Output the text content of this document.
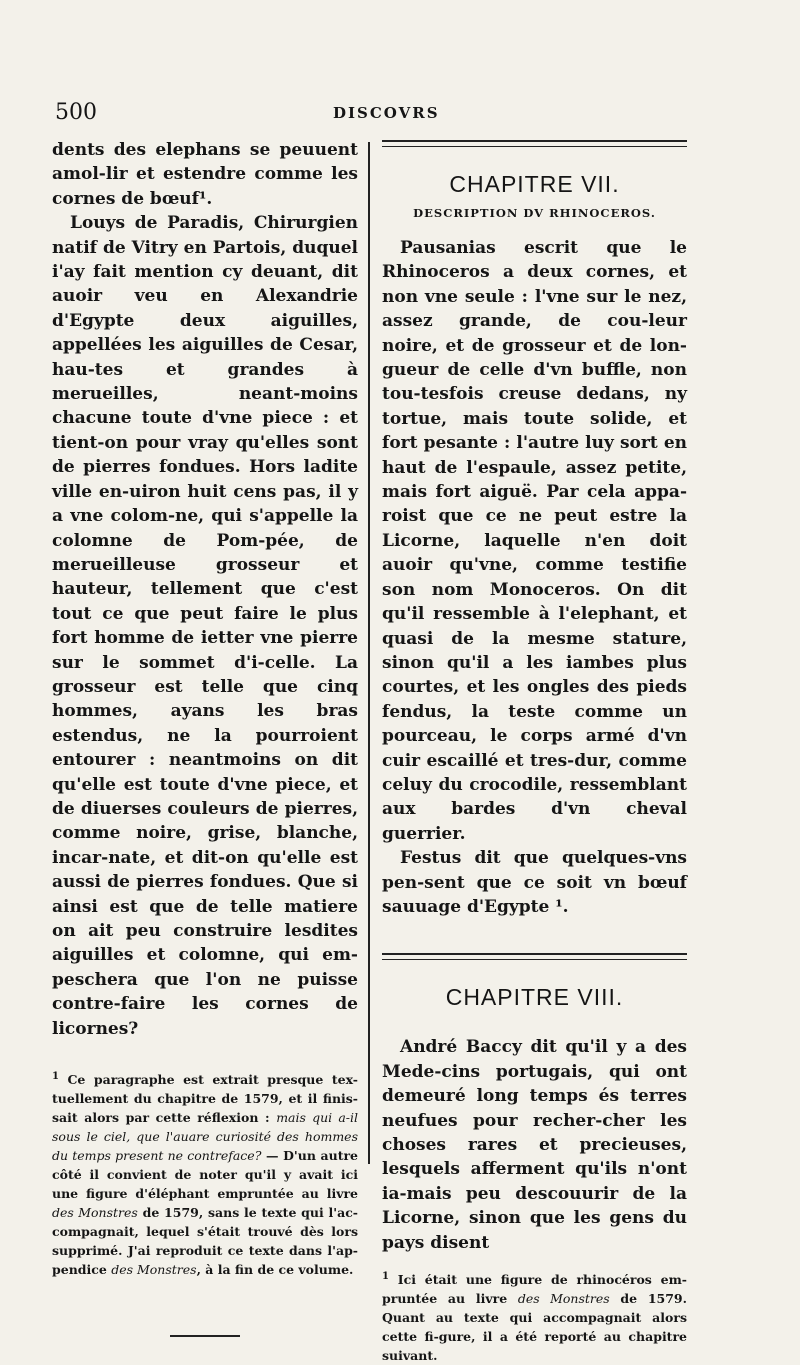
500	DISCOVRS

dents des elephans se peuuent amol-lir et estendre comme les cornes de bœuf¹.

Louys de Paradis, Chirurgien natif de Vitry en Partois, duquel i'ay fait mention cy deuant, dit auoir veu en Alexandrie d'Egypte deux aiguilles, appellées les aiguilles de Cesar, hau-tes et grandes à merueilles, neant-moins chacune toute d'vne piece : et tient-on pour vray qu'elles sont de pierres fondues. Hors ladite ville en-uiron huit cens pas, il y a vne colom-ne, qui s'appelle la colomne de Pom-pée, de merueilleuse grosseur et hauteur, tellement que c'est tout ce que peut faire le plus fort homme de ietter vne pierre sur le sommet d'i-celle. La grosseur est telle que cinq hommes, ayans les bras estendus, ne la pourroient entourer : neantmoins on dit qu'elle est toute d'vne piece, et de diuerses couleurs de pierres, comme noire, grise, blanche, incar-nate, et dit-on qu'elle est aussi de pierres fondues. Que si ainsi est que de telle matiere on ait peu construire lesdites aiguilles et colomne, qui em-peschera que l'on ne puisse contre-faire les cornes de licornes?

$^1$ Ce paragraphe est extrait presque tex-tuellement du chapitre de 1579, et il finis-sait alors par cette réflexion : mais qui a-il sous le ciel, que l'auare curiosité des hommes du temps present ne contreface? — D'un autre côté il convient de noter qu'il y avait ici une figure d'éléphant empruntée au livre des Monstres de 1579, sans le texte qui l'ac-compagnait, lequel s'était trouvé dès lors supprimé. J'ai reproduit ce texte dans l'ap-pendice des Monstres, à la fin de ce volume.

CHAPITRE VII.
DESCRIPTION DV RHINOCEROS.

Pausanias escrit que le Rhinoceros a deux cornes, et non vne seule : l'vne sur le nez, assez grande, de cou-leur noire, et de grosseur et de lon-gueur de celle d'vn buffle, non tou-tesfois creuse dedans, ny tortue, mais toute solide, et fort pesante : l'autre luy sort en haut de l'espaule, assez petite, mais fort aiguë. Par cela appa-roist que ce ne peut estre la Licorne, laquelle n'en doit auoir qu'vne, comme testifie son nom Monoceros. On dit qu'il ressemble à l'elephant, et quasi de la mesme stature, sinon qu'il a les iambes plus courtes, et les ongles des pieds fendus, la teste comme un pourceau, le corps armé d'vn cuir escaillé et tres-dur, comme celuy du crocodile, ressemblant aux bardes d'vn cheval guerrier.

Festus dit que quelques-vns pen-sent que ce soit vn bœuf sauuage d'Egypte ¹.

CHAPITRE VIII.

André Baccy dit qu'il y a des Mede-cins portugais, qui ont demeuré long temps és terres neufues pour recher-cher les choses rares et precieuses, lesquels afferment qu'ils n'ont ia-mais peu descouurir de la Licorne, sinon que les gens du pays disent

$^1$ Ici était une figure de rhinocéros em-pruntée au livre des Monstres de 1579. Quant au texte qui accompagnait alors cette fi-gure, il a été reporté au chapitre suivant.
